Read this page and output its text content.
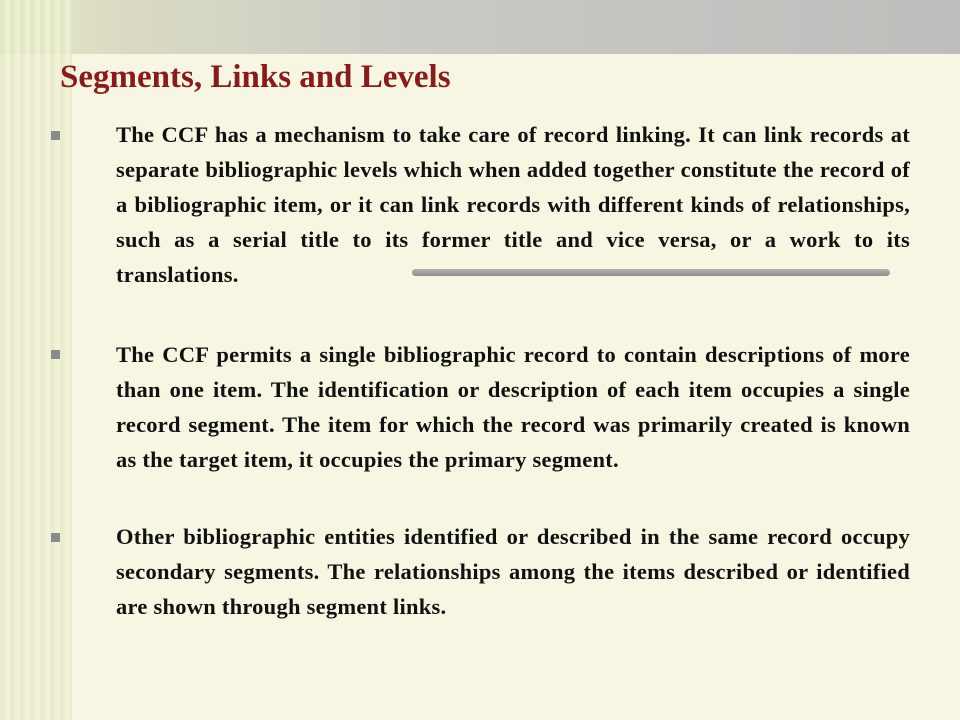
Segments, Links and Levels

The CCF has a mechanism to take care of record linking. It can link records at separate bibliographic levels which when added together constitute the record of a bibliographic item, or it can link records with different kinds of relationships, such as a serial title to its former title and vice versa, or a work to its translations.

The CCF permits a single bibliographic record to contain descriptions of more than one item. The identification or description of each item occupies a single record segment. The item for which the record was primarily created is known as the target item, it occupies the primary segment.

Other bibliographic entities identified or described in the same record occupy secondary segments. The relationships among the items described or identified are shown through segment links.
